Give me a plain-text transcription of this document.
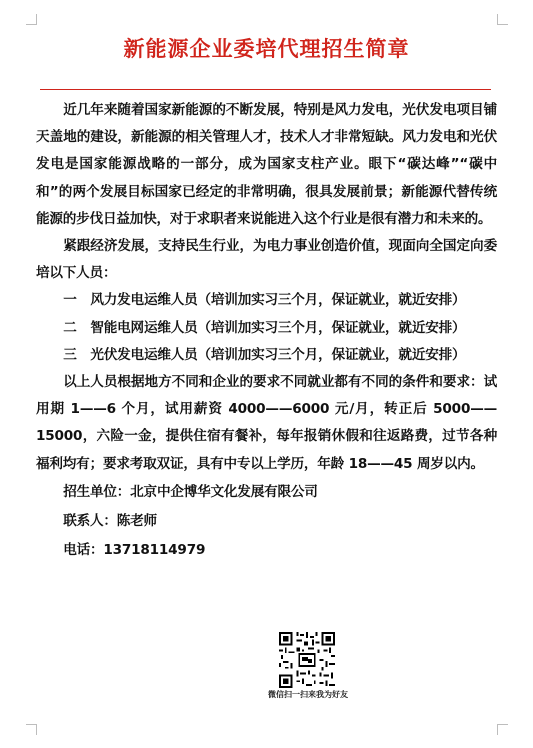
新能源企业委培代理招生简章

近几年来随着国家新能源的不断发展，特别是风力发电，光伏发电项目铺天盖地的建设，新能源的相关管理人才，技术人才非常短缺。风力发电和光伏发电是国家能源战略的一部分，成为国家支柱产业。眼下“碳达峰”“碳中和”的两个发展目标国家已经定的非常明确，很具发展前景；新能源代替传统能源的步伐日益加快，对于求职者来说能进入这个行业是很有潜力和未来的。

紧跟经济发展，支持民生行业，为电力事业创造价值，现面向全国定向委培以下人员：

一 风力发电运维人员（培训加实习三个月，保证就业，就近安排）

二 智能电网运维人员（培训加实习三个月，保证就业，就近安排）

三 光伏发电运维人员（培训加实习三个月，保证就业，就近安排）

以上人员根据地方不同和企业的要求不同就业都有不同的条件和要求：试用期 1——6 个月，试用薪资 4000——6000 元/月，转正后 5000——15000，六险一金，提供住宿有餐补，每年报销休假和往返路费，过节各种福利均有；要求考取双证，具有中专以上学历，年龄 18——45 周岁以内。

招生单位：北京中企博华文化发展有限公司

联系人：陈老师

电话：13718114979

微信扫一扫来我为好友
